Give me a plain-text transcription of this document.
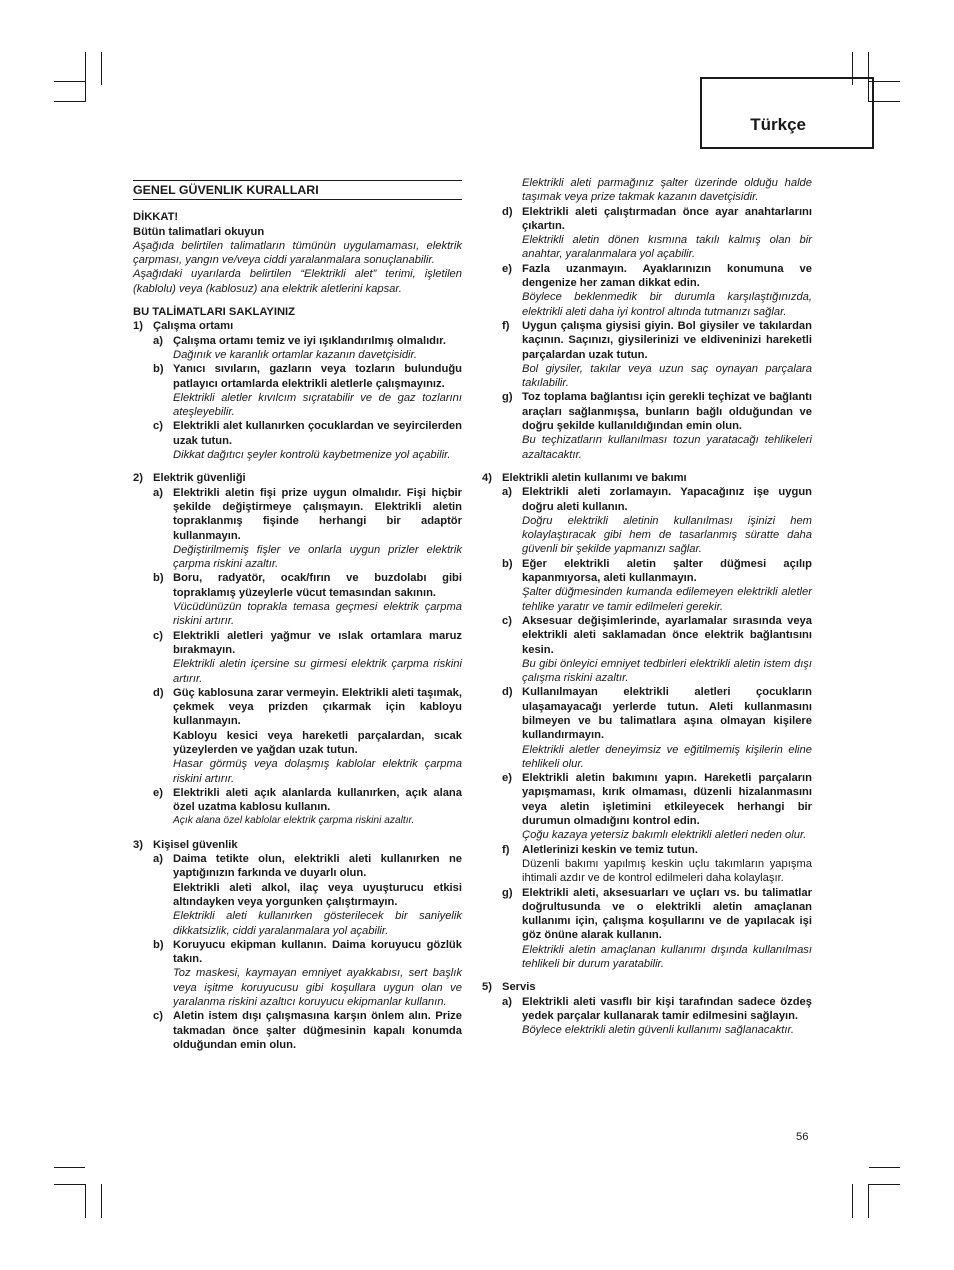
Türkçe
GENEL GÜVENLIK KURALLARI
DİKKAT!
Bütün talimatlari okuyun
Aşağıda belirtilen talimatların tümünün uygulamaması, elektrik çarpması, yangın ve/veya ciddi yaralanmalara sonuçlanabilir.
Aşağıdaki uyarılarda belirtilen “Elektrikli alet” terimi, işletilen (kablolu) veya (kablosuz) ana elektrik aletlerini kapsar.
BU TALİMATLARI SAKLAYINIZ
1) Çalışma ortamı
a) Çalışma ortamı temiz ve iyi ışıklandırılmış olmalıdır.
Dağınık ve karanlık ortamlar kazanın davetçisidir.
b) Yanıcı sıvıların, gazların veya tozların bulunduğu patlayıcı ortamlarda elektrikli aletlerle çalışmayınız.
Elektrikli aletler kıvılcım sıçratabilir ve de gaz tozlarını ateşleyebilir.
c) Elektrikli alet kullanırken çocuklardan ve seyircilerden uzak tutun.
Dikkat dağıtıcı şeyler kontrolü kaybetmenize yol açabilir.
2) Elektrik güvenliği
a) Elektrikli aletin fişi prize uygun olmalıdır. Fişi hiçbir şekilde değiştirmeye çalışmayın. Elektrikli aletin topraklanmış fişinde herhangi bir adaptör kullanmayın.
Değiştirilmemiş fişler ve onlarla uygun prizler elektrik çarpma riskini azaltır.
b) Boru, radyatör, ocak/fırın ve buzdolabı gibi topraklamış yüzeylerle vücut temasından sakının.
Vücüdünüzün toprakla temasa geçmesi elektrik çarpma riskini artırır.
c) Elektrikli aletleri yağmur ve ıslak ortamlara maruz bırakmayın.
Elektrikli aletin içersine su girmesi elektrik çarpma riskini artırır.
d) Güç kablosuna zarar vermeyin. Elektrikli aleti taşımak, çekmek veya prizden çıkarmak için kabloyu kullanmayın.
Kabloyu kesici veya hareketli parçalardan, sıcak yüzeylerden ve yağdan uzak tutun.
Hasar görmüş veya dolaşmış kablolar elektrik çarpma riskini artırır.
e) Elektrikli aleti açık alanlarda kullanırken, açık alana özel uzatma kablosu kullanın.
Açık alana özel kablolar elektrik çarpma riskini azaltır.
3) Kişisel güvenlik
a) Daima tetikte olun, elektrikli aleti kullanırken ne yaptığınızın farkında ve duyarlı olun.
Elektrikli aleti alkol, ilaç veya uyuşturucu etkisi altındayken veya yorgunken çalıştırmayın.
Elektrikli aleti kullanırken gösterilecek bir saniyelik dikkatsizlik, ciddi yaralanmalara yol açabilir.
b) Koruyucu ekipman kullanın. Daima koruyucu gözlük takın.
Toz maskesi, kaymayan emniyet ayakkabısı, sert başlık veya işitme koruyucusu gibi koşullara uygun olan ve yaralanma riskini azaltıcı koruyucu ekipmanlar kullanın.
c) Aletin istem dışı çalışmasına karşın önlem alın. Prize takmadan önce şalter düğmesinin kapalı konumda olduğundan emin olun.
Elektrikli aleti parmağınız şalter üzerinde olduğu halde taşımak veya prize takmak kazanın davetçisidir.
d) Elektrikli aleti çalıştırmadan önce ayar anahtarlarını çıkartın.
Elektrikli aletin dönen kısmına takılı kalmış olan bir anahtar, yaralanmalara yol açabilir.
e) Fazla uzanmayın. Ayaklarınızın konumuna ve dengenize her zaman dikkat edin.
Böylece beklenmedik bir durumla karşılaştığınızda, elektrikli aleti daha iyi kontrol altında tutmanızı sağlar.
f) Uygun çalışma giysisi giyin. Bol giysiler ve takılardan kaçının. Saçınızı, giysilerinizi ve eldiveninizi hareketli parçalardan uzak tutun.
Bol giysiler, takılar veya uzun saç oynayan parçalara takılabilir.
g) Toz toplama bağlantısı için gerekli teçhizat ve bağlantı araçları sağlanmışsa, bunların bağlı olduğundan ve doğru şekilde kullanıldığından emin olun.
Bu teçhizatların kullanılması tozun yaratacağı tehlikeleri azaltacaktır.
4) Elektrikli aletin kullanımı ve bakımı
a) Elektrikli aleti zorlamayın. Yapacağınız işe uygun doğru aleti kullanın.
Doğru elektrikli aletinin kullanılması işinizi hem kolaylaştıracak gibi hem de tasarlanmış süratte daha güvenli bir şekilde yapmanızı sağlar.
b) Eğer elektrikli aletin şalter düğmesi açılıp kapanmıyorsa, aleti kullanmayın.
Şalter düğmesinden kumanda edilemeyen elektrikli aletler tehlike yaratır ve tamir edilmeleri gerekir.
c) Aksesuar değişimlerinde, ayarlamalar sırasında veya elektrikli aleti saklamadan önce elektrik bağlantısını kesin.
Bu gibi önleyici emniyet tedbirleri elektrikli aletin istem dışı çalışma riskini azaltır.
d) Kullanılmayan elektrikli aletleri çocukların ulaşamayacağı yerlerde tutun. Aleti kullanmasını bilmeyen ve bu talimatlara aşına olmayan kişilere kullandırmayın.
Elektrikli aletler deneyimsiz ve eğitilmemiş kişilerin eline tehlikeli olur.
e) Elektrikli aletin bakımını yapın. Hareketli parçaların yapışmaması, kırık olmaması, düzenli hizalanmasını veya aletin işletimini etkileyecek herhangi bir durumun olmadığını kontrol edin.
Çoğu kazaya yetersiz bakımlı elektrikli aletleri neden olur.
f) Aletlerinizi keskin ve temiz tutun.
Düzenli bakımı yapılmış keskin uçlu takımların yapışma ihtimali azdır ve de kontrol edilmeleri daha kolaylaşır.
g) Elektrikli aleti, aksesuarları ve uçları vs. bu talimatlar doğrultusunda ve o elektrikli aletin amaçlanan kullanımı için, çalışma koşullarını ve de yapılacak işi göz önüne alarak kullanın.
Elektrikli aletin amaçlanan kullanımı dışında kullanılması tehlikeli bir durum yaratabilir.
5) Servis
a) Elektrikli aleti vasıflı bir kişi tarafından sadece özdeş yedek parçalar kullanarak tamir edilmesini sağlayın.
Böylece elektrikli aletin güvenli kullanımı sağlanacaktır.
56
